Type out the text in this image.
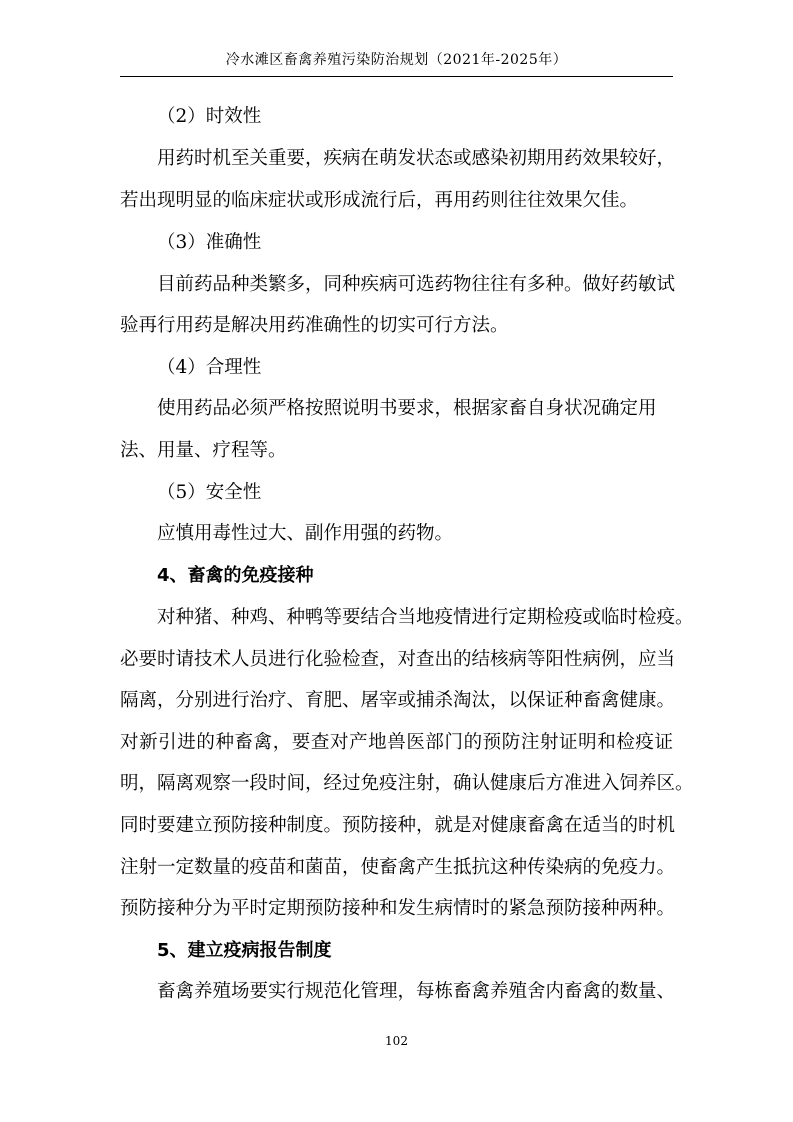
冷水滩区畜禽养殖污染防治规划（2021年-2025年）
（2）时效性
用药时机至关重要，疾病在萌发状态或感染初期用药效果较好，
若出现明显的临床症状或形成流行后，再用药则往往效果欠佳。
（3）准确性
目前药品种类繁多，同种疾病可选药物往往有多种。做好药敏试
验再行用药是解决用药准确性的切实可行方法。
（4）合理性
使用药品必须严格按照说明书要求，根据家畜自身状况确定用
法、用量、疗程等。
（5）安全性
应慎用毒性过大、副作用强的药物。
4、畜禽的免疫接种
对种猪、种鸡、种鸭等要结合当地疫情进行定期检疫或临时检疫。
必要时请技术人员进行化验检查，对查出的结核病等阳性病例，应当
隔离，分别进行治疗、育肥、屠宰或捕杀淘汰，以保证种畜禽健康。
对新引进的种畜禽，要查对产地兽医部门的预防注射证明和检疫证
明，隔离观察一段时间，经过免疫注射，确认健康后方准进入饲养区。
同时要建立预防接种制度。预防接种，就是对健康畜禽在适当的时机
注射一定数量的疫苗和菌苗，使畜禽产生抵抗这种传染病的免疫力。
预防接种分为平时定期预防接种和发生病情时的紧急预防接种两种。
5、建立疫病报告制度
畜禽养殖场要实行规范化管理，每栋畜禽养殖舍内畜禽的数量、
102
